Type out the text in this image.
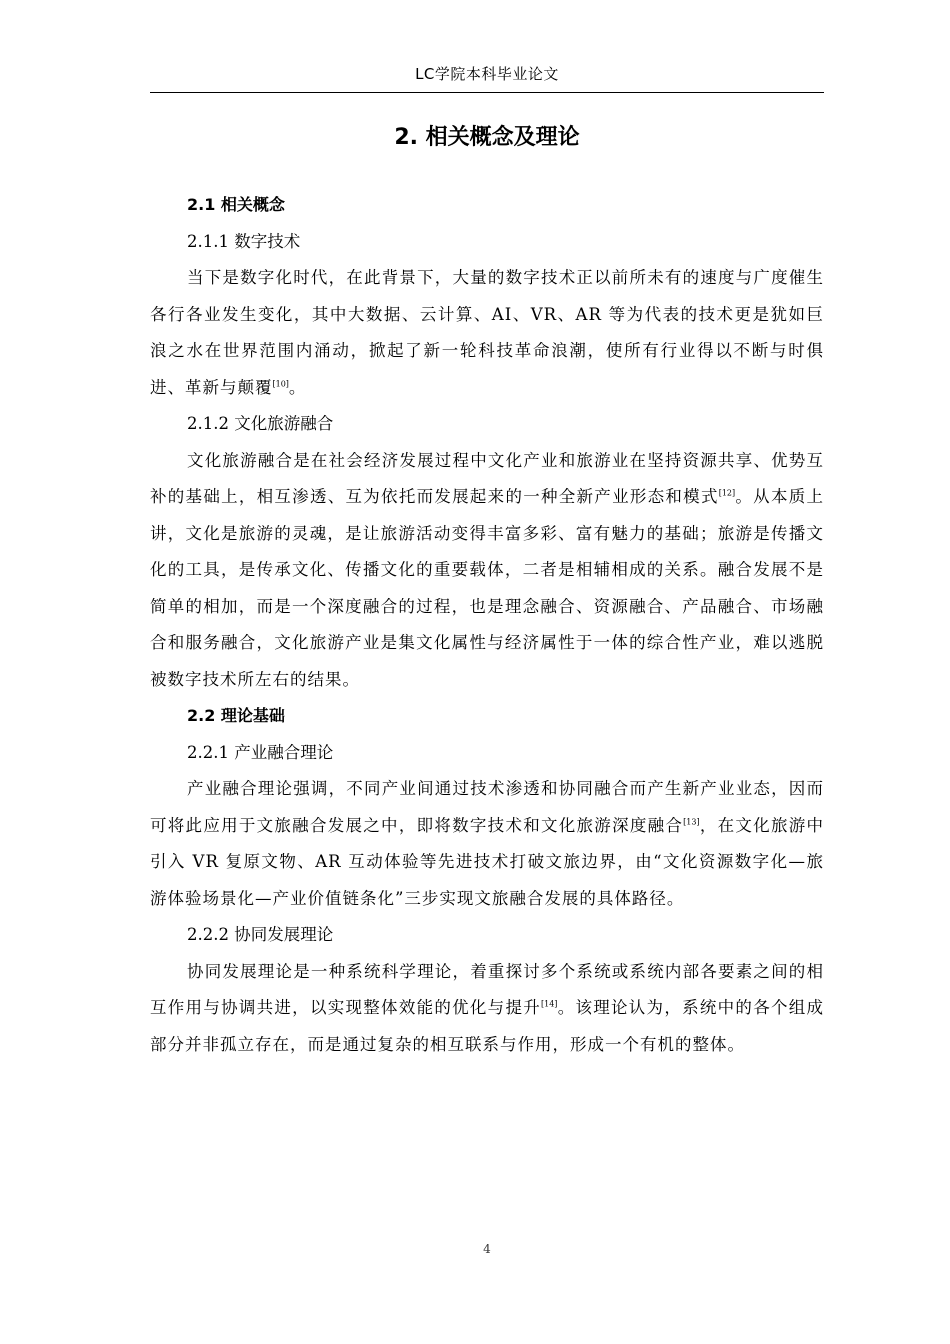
LC学院本科毕业论文
2. 相关概念及理论
2.1 相关概念
2.1.1 数字技术

当下是数字化时代，在此背景下，大量的数字技术正以前所未有的速度与广度催生各行各业发生变化，其中大数据、云计算、AI、VR、AR 等为代表的技术更是犹如巨浪之水在世界范围内涌动，掀起了新一轮科技革命浪潮，使所有行业得以不断与时俱进、革新与颠覆[10]。

2.1.2 文化旅游融合

文化旅游融合是在社会经济发展过程中文化产业和旅游业在坚持资源共享、优势互补的基础上，相互渗透、互为依托而发展起来的一种全新产业形态和模式[12]。从本质上讲，文化是旅游的灵魂，是让旅游活动变得丰富多彩、富有魅力的基础；旅游是传播文化的工具，是传承文化、传播文化的重要载体，二者是相辅相成的关系。融合发展不是简单的相加，而是一个深度融合的过程，也是理念融合、资源融合、产品融合、市场融合和服务融合，文化旅游产业是集文化属性与经济属性于一体的综合性产业，难以逃脱被数字技术所左右的结果。

2.2 理论基础
2.2.1 产业融合理论

产业融合理论强调，不同产业间通过技术渗透和协同融合而产生新产业业态，因而可将此应用于文旅融合发展之中，即将数字技术和文化旅游深度融合[13]，在文化旅游中引入 VR 复原文物、AR 互动体验等先进技术打破文旅边界，由“文化资源数字化—旅游体验场景化—产业价值链条化”三步实现文旅融合发展的具体路径。

2.2.2 协同发展理论

协同发展理论是一种系统科学理论，着重探讨多个系统或系统内部各要素之间的相互作用与协调共进，以实现整体效能的优化与提升[14]。该理论认为，系统中的各个组成部分并非孤立存在，而是通过复杂的相互联系与作用，形成一个有机的整体。

4
